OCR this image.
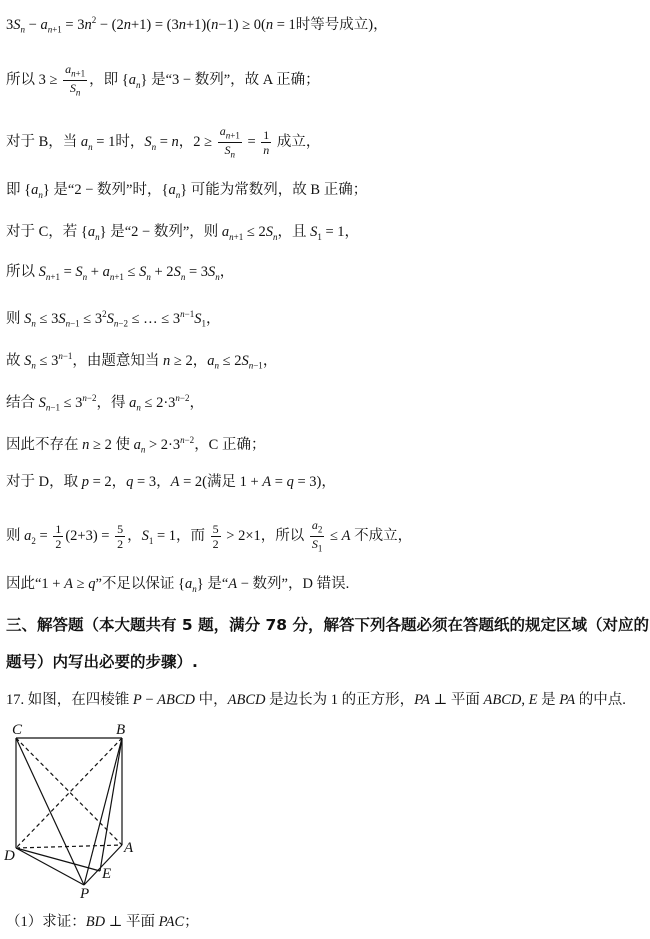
$3S_n - a_{n+1} = 3n^2 - (2n+1) = (3n+1)(n-1) \ge 0(n = 1$时等号成立)，
所以 $3 \ge \frac{a_{n+1}}{S_n}$ ，即 $\{a_n\}$ 是“3 − 数列”，故 A 正确；
对于 B，当 $a_n = 1$时，$S_n = n$，$2 \ge \frac{a_{n+1}}{S_n} = \frac{1}{n}$ 成立，
即 $\{a_n\}$ 是“2 − 数列”时，$\{a_n\}$ 可能为常数列，故 B 正确；
对于 C，若 $\{a_n\}$ 是“2 − 数列”，则 $a_{n+1} \le 2S_n$，且 $S_1 = 1$，
所以 $S_{n+1} = S_n + a_{n+1} \le S_n + 2S_n = 3S_n$，
则 $S_n \le 3S_{n-1} \le 3^2S_{n-2}$ ≤ … ≤ $3^{n-1}S_1$，
故 $S_n \le 3^{n-1}$，由题意知当 n ≥ 2，$a_n \le 2S_{n-1}$，
结合 $S_{n-1} \le 3^{n-2}$，得 $a_n \le 2\cdot 3^{n-2}$，
因此不存在 n ≥ 2 使 $a_n > 2\cdot 3^{n-2}$，C 正确；
对于 D，取 p = 2，q = 3，A = 2(满足 1 + A = q = 3)，
则 $a_2 = \frac{1}{2} (2+3) = \frac{5}{2}$ ，$S_1 = 1$，而 $\frac{5}{2} > 2\times 1$，所以 $\frac{a_2}{S_1} \le A$ 不成立，
因此“1 + A ≥ q”不足以保证 $\{a_n\}$ 是“A − 数列”，D 错误.
三、解答题（本大题共有 5 题，满分 78 分，解答下列各题必须在答题纸的规定区域（对应的
题号）内写出必要的步骤）.
17. 如图，在四棱锥 P − ABCD 中，ABCD 是边长为 1 的正方形，PA ⊥ 平面 ABCD, E 是 PA 的中点.
C	B
D	A
E
P
（1）求证：BD ⊥ 平面 PAC；
